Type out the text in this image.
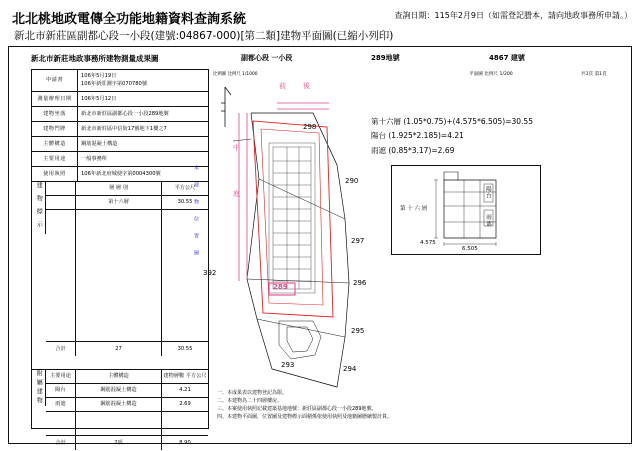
北北桃地政電傳全功能地籍資料查詢系統
新北市新莊區副都心段一小段(建號:04867-000)[第二類]建物平面圖(已縮小列印)
查詢日期：115年2月9日（如需登記謄本，請向地政事務所申請。）
新北市新莊地政事務所建物測量成果圖	副都心段 一小段	289地號	4867 建號
平面圖 比例尺 1/200	共1頁 第1頁
比例圖 比例尺 1/1000
申請書
106年5月19日
106年新莊測字第070780號
測量辦理日期	106年5月12日
建物坐落	新北市新莊區副都心段一小段289地號
建物門牌	新北市新莊區中信街17號地下1樓之7
主體構造	鋼筋混凝土構造
主要用途	一般事務所
使用執照	106年新北府城使字第0004300號
建物標示	層 層 別	平方公尺
第十六層	30.55
合計	27	30.55
附屬建物	主要用途	主體構造	建物層數 平方公尺
陽台	鋼筋混凝土構造	4.21
雨遮	鋼筋混凝土構造	2.69
合計	2項	8.90
前 後
中
庭
289
298
290
297
296
295
294
293
392
本 建 物 位 置 圖
第十六層 (1.05*0.75)+(4.575*6.505)=30.55
陽台 (1.925*2.185)=4.21
雨遮 (0.85*3.17)=2.69
第 十 六 層
4.575
6.505
陽台
雨遮
一、本成果表以建物登記為限。
二、本建物為二十四層樓房。
三、本案使用執照記載建築基地地號：新莊區副都心段一小段289地號。
四、本建物平面圖，位置圖及建物標示面積係依使用執照及地籍圖謄繪製計算。
